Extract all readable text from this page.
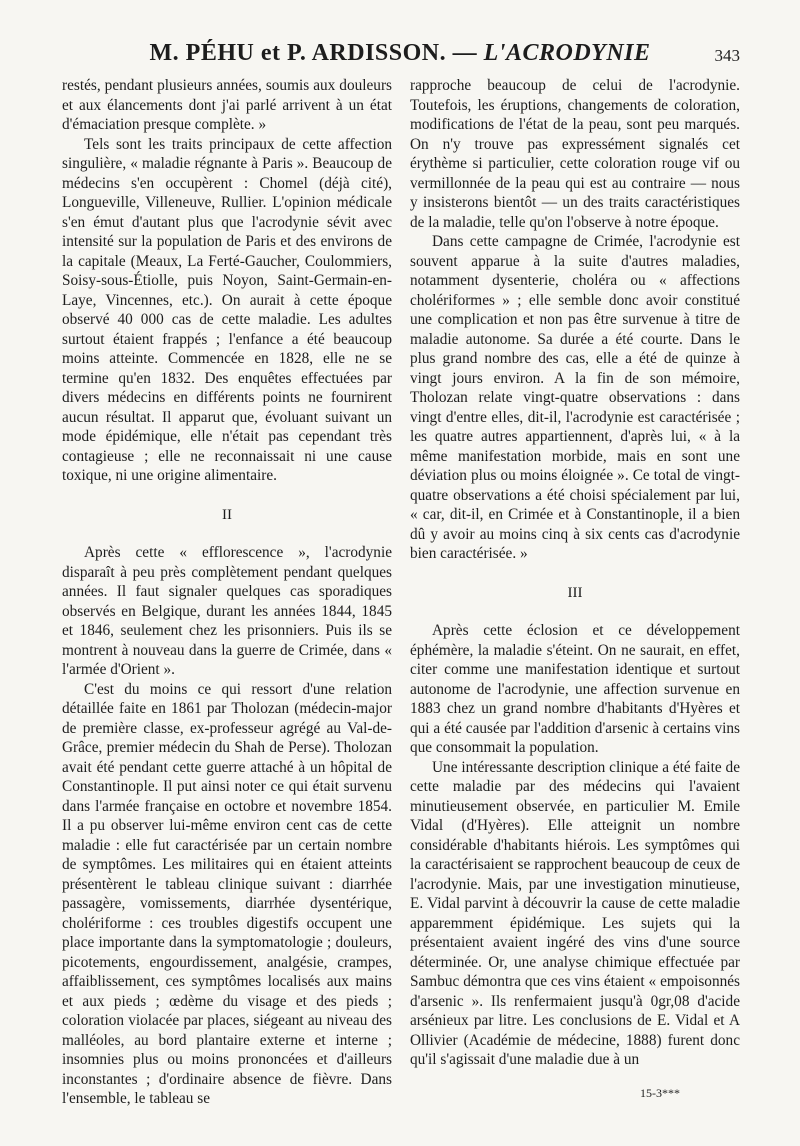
M. PÉHU et P. ARDISSON. — L'ACRODYNIE	343

restés, pendant plusieurs années, soumis aux douleurs et aux élancements dont j'ai parlé arrivent à un état d'émaciation presque complète. »

Tels sont les traits principaux de cette affection singulière, « maladie régnante à Paris ». Beaucoup de médecins s'en occupèrent : Chomel (déjà cité), Longueville, Villeneuve, Rullier. L'opinion médicale s'en émut d'autant plus que l'acrodynie sévit avec intensité sur la population de Paris et des environs de la capitale (Meaux, La Ferté-Gaucher, Coulommiers, Soisy-sous-Étiolle, puis Noyon, Saint-Germain-en-Laye, Vincennes, etc.). On aurait à cette époque observé 40 000 cas de cette maladie. Les adultes surtout étaient frappés ; l'enfance a été beaucoup moins atteinte. Commencée en 1828, elle ne se termine qu'en 1832. Des enquêtes effectuées par divers médecins en différents points ne fournirent aucun résultat. Il apparut que, évoluant suivant un mode épidémique, elle n'était pas cependant très contagieuse ; elle ne reconnaissait ni une cause toxique, ni une origine alimentaire.

II

Après cette « efflorescence », l'acrodynie disparaît à peu près complètement pendant quelques années. Il faut signaler quelques cas sporadiques observés en Belgique, durant les années 1844, 1845 et 1846, seulement chez les prisonniers. Puis ils se montrent à nouveau dans la guerre de Crimée, dans « l'armée d'Orient ».

C'est du moins ce qui ressort d'une relation détaillée faite en 1861 par Tholozan (médecin-major de première classe, ex-professeur agrégé au Val-de-Grâce, premier médecin du Shah de Perse). Tholozan avait été pendant cette guerre attaché à un hôpital de Constantinople. Il put ainsi noter ce qui était survenu dans l'armée française en octobre et novembre 1854. Il a pu observer lui-même environ cent cas de cette maladie : elle fut caractérisée par un certain nombre de symptômes. Les militaires qui en étaient atteints présentèrent le tableau clinique suivant : diarrhée passagère, vomissements, diarrhée dysentérique, cholériforme : ces troubles digestifs occupent une place importante dans la symptomatologie ; douleurs, picotements, engourdissement, analgésie, crampes, affaiblissement, ces symptômes localisés aux mains et aux pieds ; œdème du visage et des pieds ; coloration violacée par places, siégeant au niveau des malléoles, au bord plantaire externe et interne ; insomnies plus ou moins prononcées et d'ailleurs inconstantes ; d'ordinaire absence de fièvre. Dans l'ensemble, le tableau se

rapproche beaucoup de celui de l'acrodynie. Toutefois, les éruptions, changements de coloration, modifications de l'état de la peau, sont peu marqués. On n'y trouve pas expressément signalés cet érythème si particulier, cette coloration rouge vif ou vermillonnée de la peau qui est au contraire — nous y insisterons bientôt — un des traits caractéristiques de la maladie, telle qu'on l'observe à notre époque.

Dans cette campagne de Crimée, l'acrodynie est souvent apparue à la suite d'autres maladies, notamment dysenterie, choléra ou « affections cholériformes » ; elle semble donc avoir constitué une complication et non pas être survenue à titre de maladie autonome. Sa durée a été courte. Dans le plus grand nombre des cas, elle a été de quinze à vingt jours environ. A la fin de son mémoire, Tholozan relate vingt-quatre observations : dans vingt d'entre elles, dit-il, l'acrodynie est caractérisée ; les quatre autres appartiennent, d'après lui, « à la même manifestation morbide, mais en sont une déviation plus ou moins éloignée ». Ce total de vingt-quatre observations a été choisi spécialement par lui, « car, dit-il, en Crimée et à Constantinople, il a bien dû y avoir au moins cinq à six cents cas d'acrodynie bien caractérisée. »

III

Après cette éclosion et ce développement éphémère, la maladie s'éteint. On ne saurait, en effet, citer comme une manifestation identique et surtout autonome de l'acrodynie, une affection survenue en 1883 chez un grand nombre d'habitants d'Hyères et qui a été causée par l'addition d'arsenic à certains vins que consommait la population.

Une intéressante description clinique a été faite de cette maladie par des médecins qui l'avaient minutieusement observée, en particulier M. Emile Vidal (d'Hyères). Elle atteignit un nombre considérable d'habitants hiérois. Les symptômes qui la caractérisaient se rapprochent beaucoup de ceux de l'acrodynie. Mais, par une investigation minutieuse, E. Vidal parvint à découvrir la cause de cette maladie apparemment épidémique. Les sujets qui la présentaient avaient ingéré des vins d'une source déterminée. Or, une analyse chimique effectuée par Sambuc démontra que ces vins étaient « empoisonnés d'arsenic ». Ils renfermaient jusqu'à 0gr,08 d'acide arsénieux par litre. Les conclusions de E. Vidal et A Ollivier (Académie de médecine, 1888) furent donc qu'il s'agissait d'une maladie due à un

15-3***
